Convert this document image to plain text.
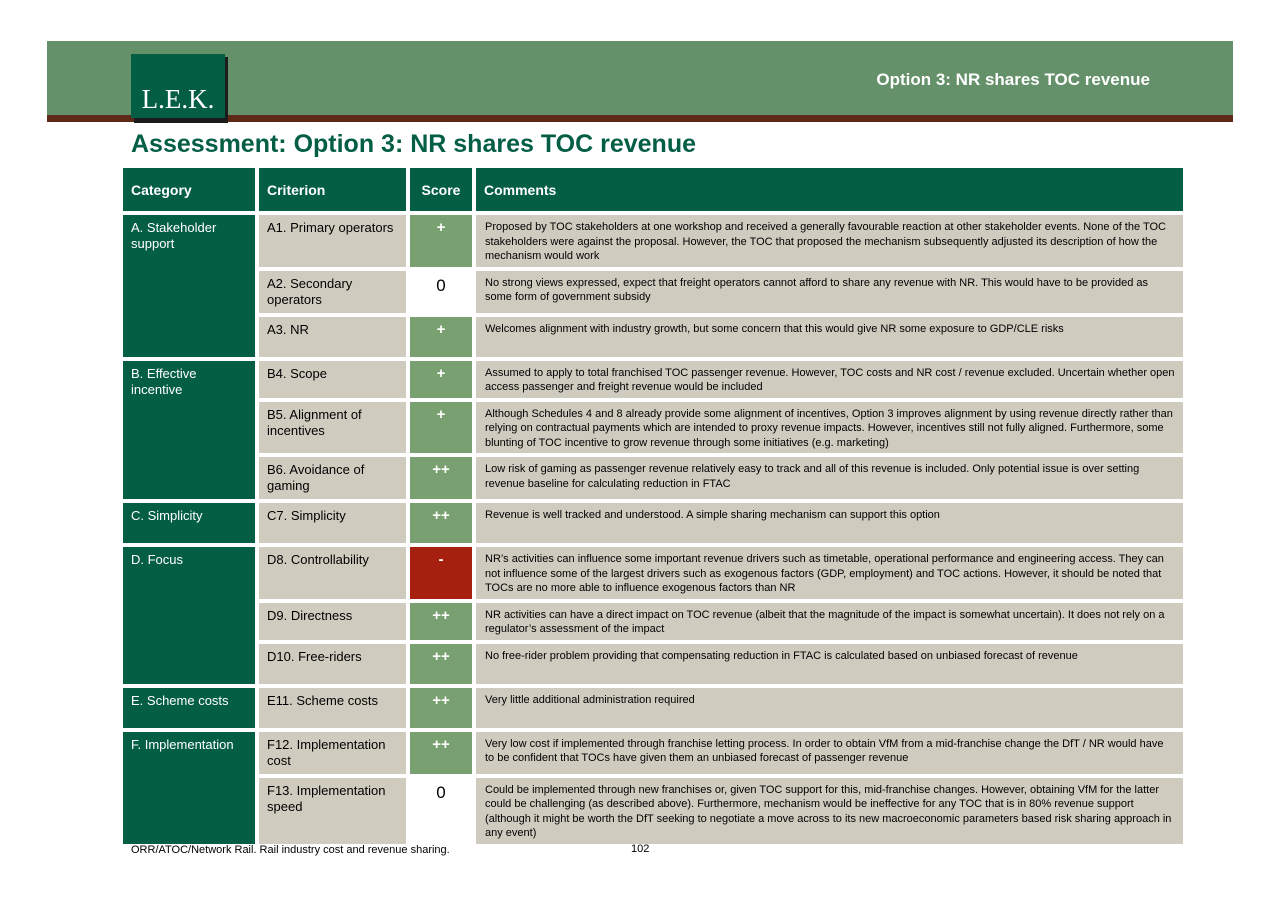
L.E.K.
Option 3: NR shares TOC revenue
Assessment: Option 3: NR shares TOC revenue
Category	Criterion	Score	Comments
A. Stakeholder support	A1. Primary operators	+	Proposed by TOC stakeholders at one workshop and received a generally favourable reaction at other stakeholder events. None of the TOC stakeholders were against the proposal. However, the TOC that proposed the mechanism subsequently adjusted its description of how the mechanism would work
	A2. Secondary operators	0	No strong views expressed, expect that freight operators cannot afford to share any revenue with NR. This would have to be provided as some form of government subsidy
	A3. NR	+	Welcomes alignment with industry growth, but some concern that this would give NR some exposure to GDP/CLE risks
B. Effective incentive	B4. Scope	+	Assumed to apply to total franchised TOC passenger revenue. However, TOC costs and NR cost / revenue excluded. Uncertain whether open access passenger and freight revenue would be included
	B5. Alignment of incentives	+	Although Schedules 4 and 8 already provide some alignment of incentives, Option 3 improves alignment by using revenue directly rather than relying on contractual payments which are intended to proxy revenue impacts. However, incentives still not fully aligned. Furthermore, some blunting of TOC incentive to grow revenue through some initiatives (e.g. marketing)
	B6. Avoidance of gaming	++	Low risk of gaming as passenger revenue relatively easy to track and all of this revenue is included. Only potential issue is over setting revenue baseline for calculating reduction in FTAC
C. Simplicity	C7. Simplicity	++	Revenue is well tracked and understood. A simple sharing mechanism can support this option
D. Focus	D8. Controllability	-	NR’s activities can influence some important revenue drivers such as timetable, operational performance and engineering access. They can not influence some of the largest drivers such as exogenous factors (GDP, employment) and TOC actions. However, it should be noted that TOCs are no more able to influence exogenous factors than NR
	D9. Directness	++	NR activities can have a direct impact on TOC revenue (albeit that the magnitude of the impact is somewhat uncertain). It does not rely on a regulator’s assessment of the impact
	D10. Free-riders	++	No free-rider problem providing that compensating reduction in FTAC is calculated based on unbiased forecast of revenue
E. Scheme costs	E11. Scheme costs	++	Very little additional administration required
F. Implementation	F12. Implementation cost	++	Very low cost if implemented through franchise letting process. In order to obtain VfM from a mid-franchise change the DfT / NR would have to be confident that TOCs have given them an unbiased forecast of passenger revenue
	F13. Implementation speed	0	Could be implemented through new franchises or, given TOC support for this, mid-franchise changes. However, obtaining VfM for the latter could be challenging (as described above). Furthermore, mechanism would be ineffective for any TOC that is in 80% revenue support (although it might be worth the DfT seeking to negotiate a move across to its new macroeconomic parameters based risk sharing approach in any event)
ORR/ATOC/Network Rail. Rail industry cost and revenue sharing.	102
